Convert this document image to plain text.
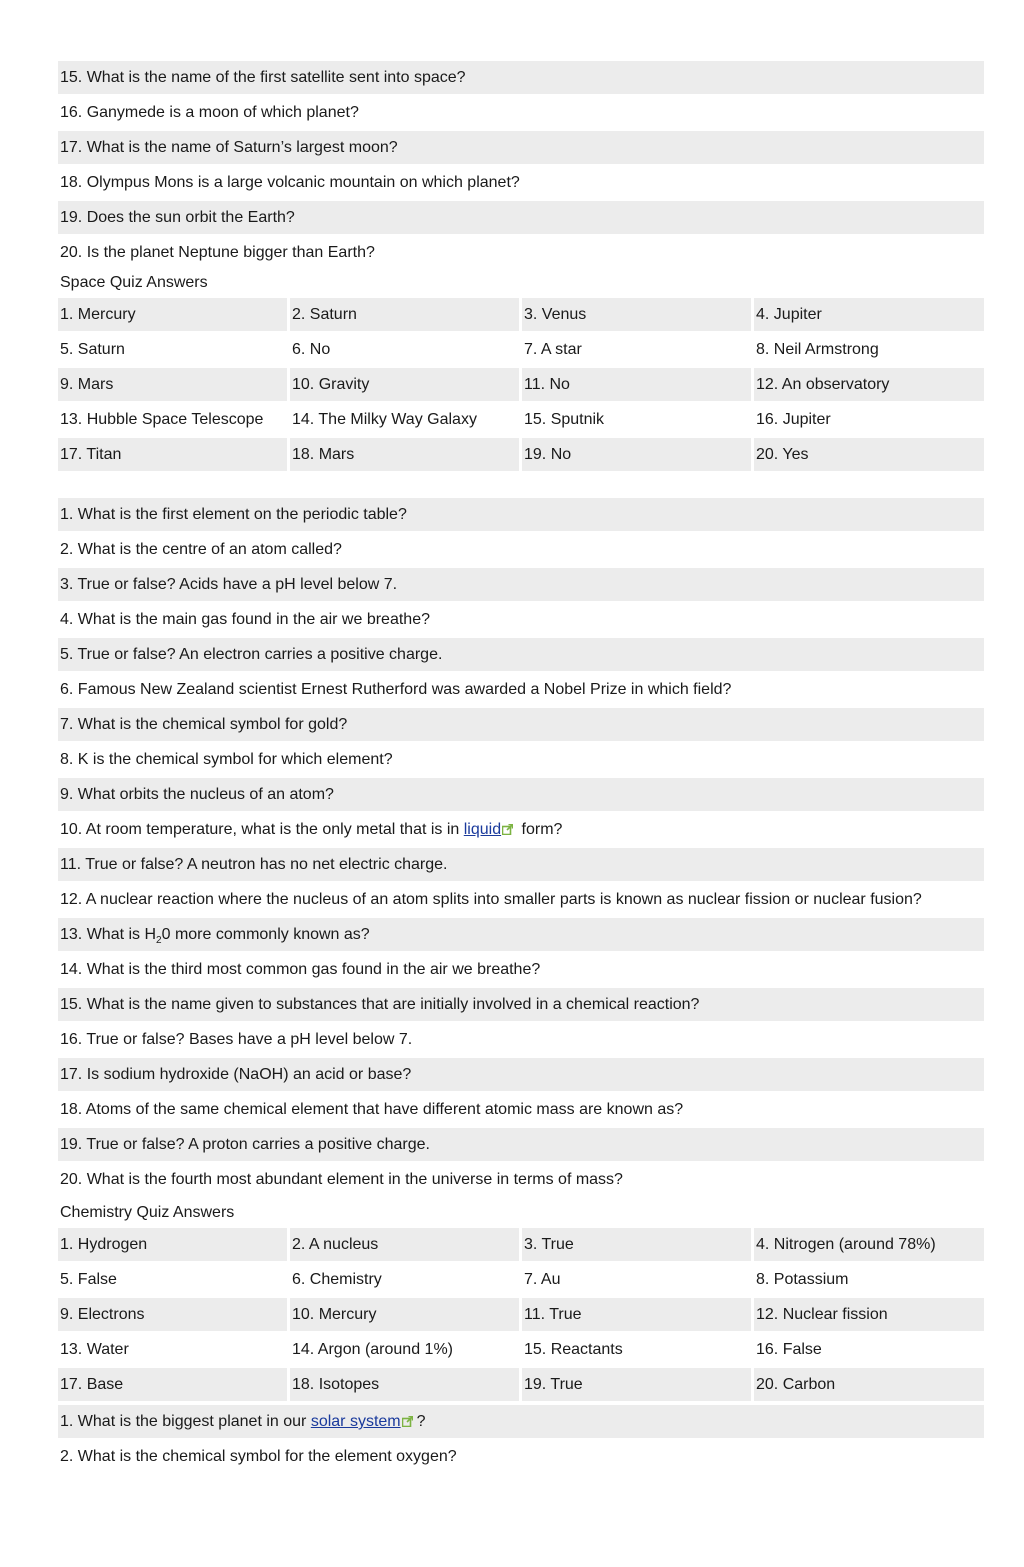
15. What is the name of the first satellite sent into space?
16. Ganymede is a moon of which planet?
17. What is the name of Saturn’s largest moon?
18. Olympus Mons is a large volcanic mountain on which planet?
19. Does the sun orbit the Earth?
20. Is the planet Neptune bigger than Earth?
Space Quiz Answers
1. Mercury	2. Saturn	3. Venus	4. Jupiter
5. Saturn	6. No	7. A star	8. Neil Armstrong
9. Mars	10. Gravity	11. No	12. An observatory
13. Hubble Space Telescope	14. The Milky Way Galaxy	15. Sputnik	16. Jupiter
17. Titan	18. Mars	19. No	20. Yes
1. What is the first element on the periodic table?
2. What is the centre of an atom called?
3. True or false? Acids have a pH level below 7.
4. What is the main gas found in the air we breathe?
5. True or false? An electron carries a positive charge.
6. Famous New Zealand scientist Ernest Rutherford was awarded a Nobel Prize in which field?
7. What is the chemical symbol for gold?
8. K is the chemical symbol for which element?
9. What orbits the nucleus of an atom?
10. At room temperature, what is the only metal that is in liquid form?
11. True or false? A neutron has no net electric charge.
12. A nuclear reaction where the nucleus of an atom splits into smaller parts is known as nuclear fission or nuclear fusion?
13. What is $H_20$ more commonly known as?
14. What is the third most common gas found in the air we breathe?
15. What is the name given to substances that are initially involved in a chemical reaction?
16. True or false? Bases have a pH level below 7.
17. Is sodium hydroxide (NaOH) an acid or base?
18. Atoms of the same chemical element that have different atomic mass are known as?
19. True or false? A proton carries a positive charge.
20. What is the fourth most abundant element in the universe in terms of mass?
Chemistry Quiz Answers
1. Hydrogen	2. A nucleus	3. True	4. Nitrogen (around 78%)
5. False	6. Chemistry	7. Au	8. Potassium
9. Electrons	10. Mercury	11. True	12. Nuclear fission
13. Water	14. Argon (around 1%)	15. Reactants	16. False
17. Base	18. Isotopes	19. True	20. Carbon
1. What is the biggest planet in our solar system ?
2. What is the chemical symbol for the element oxygen?
